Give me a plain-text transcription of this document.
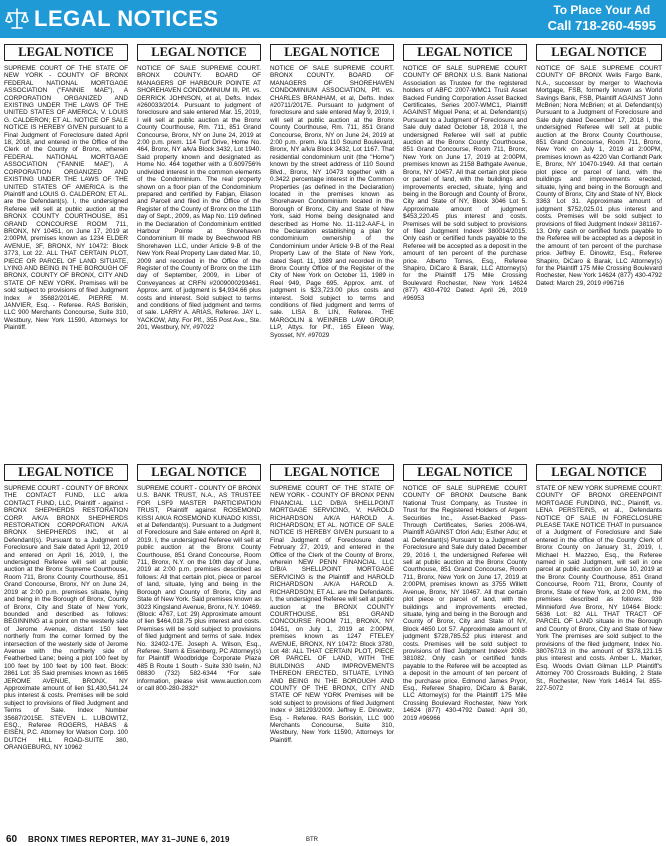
LEGAL NOTICES	To Place Your Ad
Call 718-260-4595
LEGAL NOTICE

SUPREME COURT OF THE STATE OF NEW YORK - COUNTY OF BRONX FEDERAL NATIONAL MORTGAGE ASSOCIATION ("FANNIE MAE"), A CORPORATION ORGANIZED AND EXISTING UNDER THE LAWS OF THE UNITED STATES OF AMERICA, V. LOUIS G. CALDERON; ET AL. NOTICE OF SALE NOTICE IS HEREBY GIVEN pursuant to a Final Judgment of Foreclosure dated April 18, 2018, and entered in the Office of the Clerk of the County of Bronx, wherein FEDERAL NATIONAL MORTGAGE ASSOCIATION ("FANNIE MAE"), A CORPORATION ORGANIZED AND EXISTING UNDER THE LAWS OF THE UNITED STATES OF AMERICA is the Plaintiff and LOUIS G. CALDERON; ET AL. are the Defendant(s). I, the undersigned Referee will sell at public auction at the BRONX COUNTY COURTHOUSE, 851 GRAND CONCOURSE ROOM 711, BRONX, NY 10451, on June 17, 2019 at 2:00PM, premises known as 1234 ELDER AVENUE, 3F, BRONX, NY 10472: Block 3773, Lot 22. ALL THAT CERTAIN PLOT, PIECE OR PARCEL OF LAND SITUATE, LYING AND BEING IN THE BOROUGH OF BRONX, COUNTY OF BRONX, CITY AND STATE OF NEW YORK. Premises will be sold subject to provisions of filed Judgment Index # 35682/2014E. PIERRE M. JANVIER, Esq. - Referee. RAS Boriskin, LLC 900 Merchants Concourse, Suite 310, Westbury, New York 11590, Attorneys for Plaintiff.

LEGAL NOTICE

NOTICE OF SALE SUPREME COURT. BRONX COUNTY. BOARD OF MANAGERS OF HARBOUR POINTE AT SHOREHAVEN CONDOMINIUM III, Plf. vs. DERRICK JOHNSON, et al, Defts. Index #260033/2014. Pursuant to judgment of foreclosure and sale entered Mar. 15, 2019, I will sell at public auction at the Bronx County Courthouse, Rm. 711, 851 Grand Concourse, Bronx, NY on June 24, 2019 at 2:00 p.m. prem. 114 Turf Drive, Home No. 464, Bronx, NY a/k/a Block 3432, Lot 1940. Said property known and designated as Home No. 464 together with a 0.609756% undivided interest in the common elements of the Condominium. The real property shown on a floor plan of the Condominium prepared and certified by Fabjan, Eliason and Parcell and filed in the Office of the Register of the County of Bronx on the 11th day of Sept., 2009, as Map No. 119 defined in the Declaration of Condominium entitled Harbour Pointe at Shorehaven Condominium III made by Beechwood RB Shorehaven LLC, under Article 9-B of the New York Real Property Law dated Mar. 10, 2009 and recorded in the Office of the Register of the County of Bronx on the 11th day of September, 2009, in Liber of Conveyances at CRFN #2009000293461. Approx. amt. of judgment is $4,934.66 plus costs and interest. Sold subject to terms and conditions of filed judgment and terms of sale. LARRY A. ARIAS, Referee. JAY L. YACKOW, Atty. For Plf., 355 Post Ave., Ste. 201, Westbury, NY, #97022

LEGAL NOTICE

NOTICE OF SALE SUPREME COURT. BRONX COUNTY. BOARD OF MANAGERS OF SHOREHAVEN CONDOMINIUM ASSOCIATION, Plf. vs. CHARLES BRANHAM, et al, Defts. Index #20711/2017E. Pursuant to judgment of foreclosure and sale entered May 9, 2019, I will sell at public auction at the Bronx County Courthouse, Rm. 711, 851 Grand Concourse, Bronx, NY on June 24, 2019 at 2:00 p.m. prem. k/a 110 Sound Boulevard, Bronx, NY a/k/a Block 3432, Lot 1167. That residential condominium unit (the "Home") known by the street address of 110 Sound Blvd., Bronx, NY 10473 together with a 0.3422 percentage interest in the Common Properties (as defined in the Declaration) located in the premises known as Shorehaven Condominium located in the Borough of Bronx, City and State of New York, said Home being designated and described as Home No. 11-112-AAF-L in the Declaration establishing a plan for condominium ownership of the Condominium under Article 9-B of the Real Property Law of the State of New York, dated Sept. 11, 1989 and recorded in the Bronx County Office of the Register of the City of New York on October 11, 1989 in Reel 949, Page 695. Approx. amt. of judgment is $23,723.00 plus costs and interest. Sold subject to terms and conditions of filed judgment and terms of sale. LISA B. LIN, Referee. THE MARGOLIN & WEINREB LAW GROUP, LLP, Attys. for Plf., 165 Eileen Way, Syosset, NY. #97029

LEGAL NOTICE

NOTICE OF SALE SUPREME COURT COUNTY OF BRONX U.S. Bank National Association as Trustee for the registered holders of ABFC 2007-WMC1 Trust Asset Backed Funding Corporation Asset Backed Certificates, Series 2007-WMC1, Plaintiff AGAINST Miguel Pena; et al. Defendant(s) Pursuant to a Judgment of Foreclosure and Sale duly dated October 18, 2018 I, the undersigned Referee will sell at public auction at the Bronx County Courthouse, 851 Grand Concourse, Room 711, Bronx, New York on June 17, 2019 at 2:00PM, premises known as 2158 Bathgate Avenue, Bronx, NY 10457. All that certain plot piece or parcel of land, with the buildings and improvements erected, situate, lying and being in the Borough and County of Bronx, City and State of NY, Block 3046 Lot 5. Approximate amount of judgment $453,220.45 plus interest and costs. Premises will be sold subject to provisions of filed Judgment Index# 380014/2015. Only cash or certified funds payable to the Referee will be accepted as a deposit in the amount of ten percent of the purchase price. Alberto Torres, Esq., Referee Shapiro, DiCaro & Barak, LLC Attorney(s) for the Plaintiff 175 Mile Crossing Boulevard Rochester, New York 14624 (877) 430-4792 Dated: April 26, 2019 #96953

LEGAL NOTICE

NOTICE OF SALE SUPREME COURT COUNTY OF BRONX Wells Fargo Bank, N.A., successor by merger to Wachovia Mortgage, FSB, formerly known as World Savings Bank, FSB, Plaintiff AGAINST John McBrien; Nora McBrien; et al. Defendant(s) Pursuant to a Judgment of Foreclosure and Sale duly dated December 17, 2018 I, the undersigned Referee will sell at public auction at the Bronx County Courthouse, 851 Grand Concourse, Room 711, Bronx, New York on July 1, 2019 at 2:00PM, premises known as 4220 Van Cortlandt Park E, Bronx, NY 10470-1949. All that certain plot piece or parcel of land, with the buildings and improvements erected, situate, lying and being in the Borough and County of Bronx, City and State of NY, Block 3363 Lot 31. Approximate amount of judgment $752,025.01 plus interest and costs. Premises will be sold subject to provisions of filed Judgment Index# 381167-13. Only cash or certified funds payable to the Referee will be accepted as a deposit in the amount of ten percent of the purchase price. Jeffrey E. Dinowitz, Esq., Referee Shapiro, DiCaro & Barak, LLC Attorney(s) for the Plaintiff 175 Mile Crossing Boulevard Rochester, New York 14624 (877) 430-4792 Dated: March 29, 2019 #96716

LEGAL NOTICE

SUPREME COURT - COUNTY OF BRONX THE CONTACT FUND, LLC a/k/a CONTACT FUND, LLC, Plaintiff - against - BRONX SHEPHERDS RESTORATION CORP. A/K/A BRONX SHEPHERDS RESTORATION CORPORATION A/K/A BRONX SHEPHERDS INC, et al Defendant(s). Pursuant to a Judgment of Foreclosure and Sale dated April 12, 2019 and entered on April 16, 2019, I, the undersigned Referee will sell at public auction at the Bronx Supreme Courthouse, Room 711, Bronx County Courthouse, 851 Grand Concourse, Bronx, NY on June 24, 2019 at 2:00 p.m. premises situate, lying and being in the Borough of Bronx, County of Bronx, City and State of New York, bounded and described as follows: BEGINNING at a point on the westerly side of Jerome Avenue, distant 150 feet northerly from the corner formed by the intersection of the westerly side of Jerome Avenue with the northerly side of Featherbed Lane; being a plot 100 feet by 100 feet by 100 feet by 100 feet. Block: 2861 Lot: 35 Said premises known as 1665 JEROME AVENUE, BRONX, NY Approximate amount of lien $1,430,541.24 plus interest & costs. Premises will be sold subject to provisions of filed Judgment and Terms of Sale. Index Number 35687/2015E. STEVEN L. LUBOWITZ, ESQ., Referee ROGERS, HABAS & EISEN, P.C. Attorney for Watson Corp. 100 DUTCH HILL ROAD-SUITE 380, ORANGEBURG, NY 10962

LEGAL NOTICE

SUPREME COURT - COUNTY OF BRONX U.S. BANK TRUST, N.A., AS TRUSTEE FOR LSF9 MASTER PARTICIPATION TRUST, Plaintiff against ROSEMOND KISSI A/K/A ROSEMOND KUNADO KISSI, et al Defendant(s). Pursuant to a Judgment of Foreclosure and Sale entered on April 8, 2019. I, the undersigned Referee will sell at public auction at the Bronx County Courthouse, 851 Grand Concourse, Room 711, Bronx, N.Y. on the 10th day of June, 2019 at 2:00 p.m. premises described as follows: All that certain plot, piece or parcel of land, situate, lying and being in the Borough and County of Bronx, City and State of New York. Said premises known as 3023 Kingsland Avenue, Bronx, N.Y. 10469. (Block: 4767, Lot: 29) Approximate amount of lien $464,018.75 plus interest and costs. Premises will be sold subject to provisions of filed judgment and terms of sale. Index No. 32402-17E. Joseph A. Wilson, Esq., Referee. Stern & Eisenberg, PC Attorney(s) for Plaintiff Woodbridge Corporate Plaza 485 B Route 1 South - Suite 330 Iselin, NJ 08830 (732) 582-6344 *For sale information, please visit www.auction.com or call 800-280-2832*

LEGAL NOTICE

SUPREME COURT OF THE STATE OF NEW YORK - COUNTY OF BRONX PENN FINANCIAL LLC D/B/A SHELLPOINT MORTGAGE SERVICING, V. HAROLD RICHARDSON A/K/A HAROLD A. RICHARDSON; ET AL. NOTICE OF SALE NOTICE IS HEREBY GIVEN pursuant to a Final Judgment of Foreclosure dated February 27, 2019, and entered in the Office of the Clerk of the County of Bronx, wherein NEW PENN FINANCIAL LLC D/B/A SHELLPOINT MORTGAGE SERVICING is the Plaintiff and HAROLD RICHARDSON A/K/A HAROLD A. RICHARDSON; ET AL. are the Defendants. I, the undersigned Referee will sell at public auction at the BRONX COUNTY COURTHOUSE, 851 GRAND CONCOURSE ROOM 711, BRONX, NY 10451, on July 1, 2019 at 2:00PM, premises known as 1247 FTELEY AVENUE, BRONX, NY 10472: Block 3780, Lot 48: ALL THAT CERTAIN PLOT, PIECE OR PARCEL OF LAND, WITH THE BUILDINGS AND IMPROVEMENTS THEREON ERECTED, SITUATE, LYING AND BEING IN THE BOROUGH AND COUNTY OF THE BRONX, CITY AND STATE OF NEW YORK Premises will be sold subject to provisions of filed Judgment Index # 381293/2009. Jeffrey E. Dinowitz, Esq. - Referee. RAS Boriskin, LLC 900 Merchants Concourse, Suite 310, Westbury, New York 11590, Attorneys for Plaintiff.

LEGAL NOTICE

NOTICE OF SALE SUPREME COURT COUNTY OF BRONX Deutsche Bank National Trust Company, as Trustee in Trust for the Registered Holders of Argent Securities Inc., Asset-Backed Pass-Through Certificates, Series 2006-W4, Plaintiff AGAINST Ofori Adu; Esther Adu; et al. Defendant(s) Pursuant to a Judgment of Foreclosure and Sale duly dated December 29, 2016 I, the undersigned Referee will sell at public auction at the Bronx County Courthouse, 851 Grand Concourse, Room 711, Bronx, New York on June 17, 2019 at 2:00PM, premises known as 3755 Willett Avenue, Bronx, NY 10467. All that certain plot piece or parcel of land, with the buildings and improvements erected, situate, lying and being in the Borough and County of Bronx, City and State of NY, Block 4650 Lot 57. Approximate amount of judgment $728,785.52 plus interest and costs. Premises will be sold subject to provisions of filed Judgment Index# 2008-381082. Only cash or certified funds payable to the Referee will be accepted as a deposit in the amount of ten percent of the purchase price. Edmond James Pryor, Esq., Referee Shapiro, DiCaro & Barak, LLC Attorney(s) for the Plaintiff 175 Mile Crossing Boulevard Rochester, New York 14624 (877) 430-4792 Dated: April 30, 2019 #96966

LEGAL NOTICE

STATE OF NEW YORK SUPREME COURT: COUNTY OF BRONX GREENPOINT MORTGAGE FUNDING, INC., Plaintiff, vs. LENA PERSTEINS, et al., Defendants NOTICE OF SALE IN FORECLOSURE PLEASE TAKE NOTICE THAT In pursuance of a Judgment of Foreclosure and Sale entered in the office of the County Clerk of Bronx County on January 31, 2019, I, Michael H. Mazzeo, Esq., the Referee named in said Judgment, will sell in one parcel at public auction on June 10, 2019 at the Bronx County Courthouse, 851 Grand Concourse, Room 711, Bronx, County of Bronx, State of New York, at 2:00 P.M., the premises described as follows: 939 Minnieford Ave Bronx, NY 10464 Block: 5636 Lot: 82 ALL THAT TRACT OF PARCEL OF LAND situate in the Borough and County of Bronx, City and State of New York The premises are sold subject to the provisions of the filed judgment, Index No. 380767/13 in the amount of $378,121.15 plus interest and costs. Amber L. Marker, Esq. Woods Oviatt Gilman LLP Plaintiff's Attorney 700 Crossroads Building, 2 State St., Rochester, New York 14614 Tel. 855-227-5072

60 BRONX TIMES REPORTER, MAY 31–JUNE 6, 2019	BTR
